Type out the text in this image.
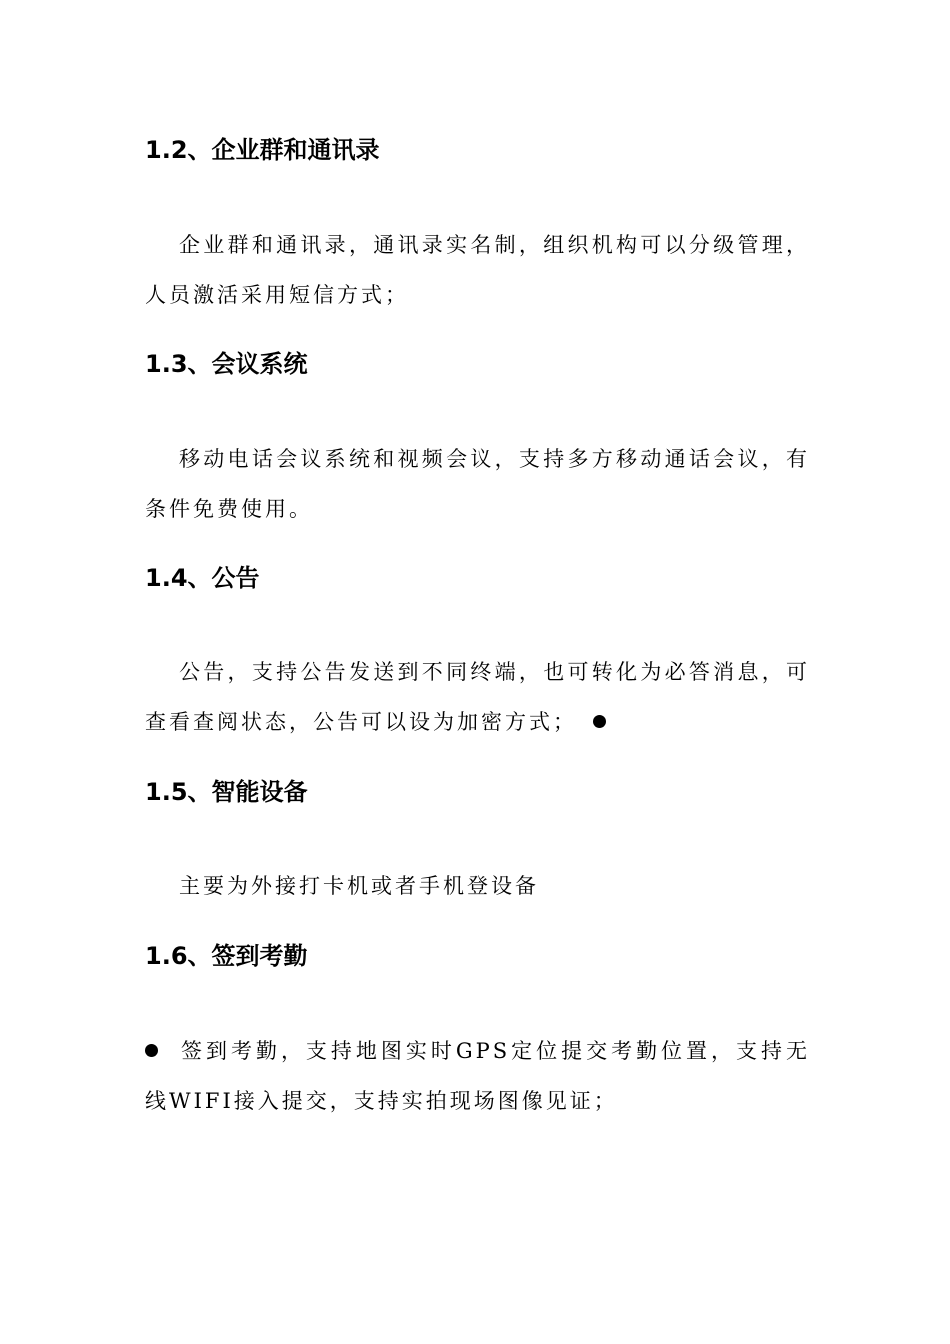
1.2、企业群和通讯录

企业群和通讯录，通讯录实名制，组织机构可以分级管理，人员激活采用短信方式；

1.3、会议系统

移动电话会议系统和视频会议，支持多方移动通话会议，有条件免费使用。

1.4、公告

公告，支持公告发送到不同终端，也可转化为必答消息，可查看查阅状态，公告可以设为加密方式；

1.5、智能设备

主要为外接打卡机或者手机登设备

1.6、签到考勤

签到考勤，支持地图实时GPS定位提交考勤位置，支持无线WIFI接入提交，支持实拍现场图像见证；
